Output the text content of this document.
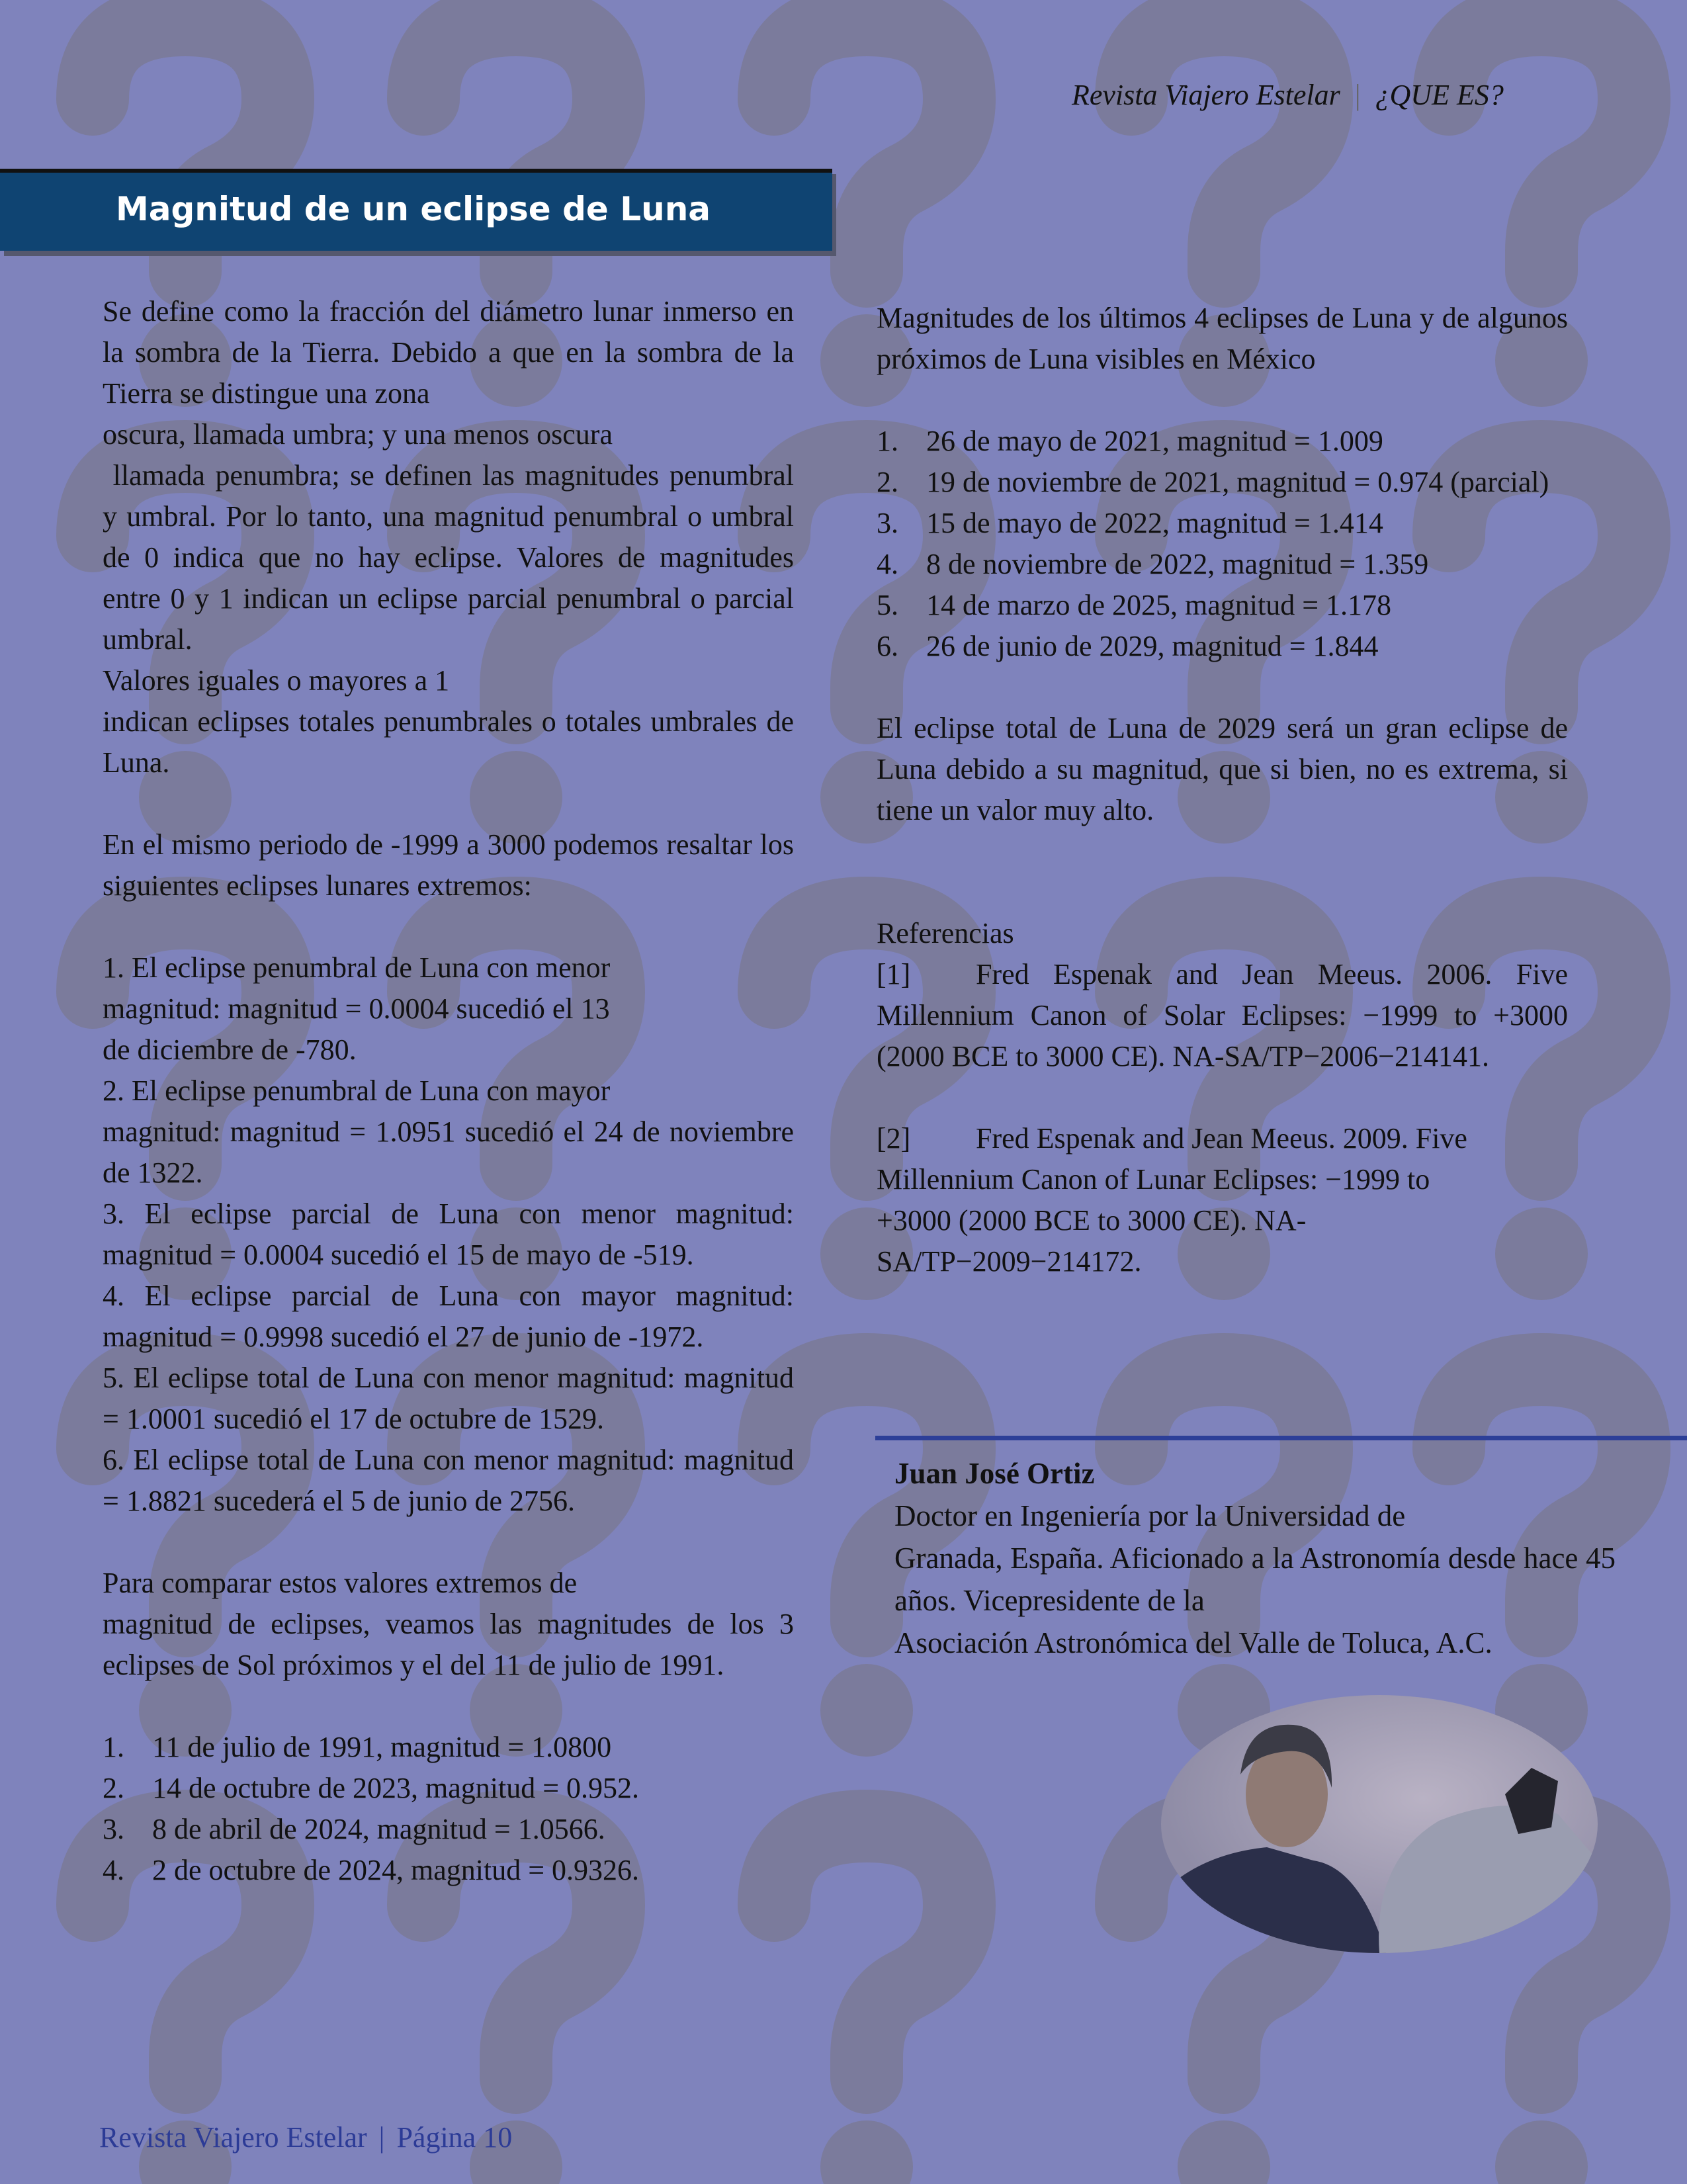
Revista Viajero Estelar | ¿QUE ES?
Magnitud de un eclipse de Luna

Se define como la fracción del diámetro lunar inmerso en la sombra de la Tierra. Debido a que en la sombra de la Tierra se distingue una zona

oscura, llamada umbra; y una menos oscura

llamada penumbra; se definen las magnitudes penumbral y umbral. Por lo tanto, una magnitud penumbral o umbral de 0 indica que no hay eclipse. Valores de magnitudes entre 0 y 1 indican un eclipse parcial penumbral o parcial umbral.

Valores iguales o mayores a 1

indican eclipses totales penumbrales o totales umbrales de Luna.

En el mismo periodo de -1999 a 3000 podemos resaltar los siguientes eclipses lunares extremos:

1. El eclipse penumbral de Luna con menor

magnitud: magnitud = 0.0004 sucedió el 13

de diciembre de -780.

2. El eclipse penumbral de Luna con mayor

magnitud: magnitud = 1.0951 sucedió el 24 de noviembre de 1322.

3. El eclipse parcial de Luna con menor magnitud: magnitud = 0.0004 sucedió el 15 de mayo de -519.

4. El eclipse parcial de Luna con mayor magnitud: magnitud = 0.9998 sucedió el 27 de junio de -1972.

5. El eclipse total de Luna con menor magnitud: magnitud = 1.0001 sucedió el 17 de octubre de 1529.

6. El eclipse total de Luna con menor magnitud: magnitud = 1.8821 sucederá el 5 de junio de 2756.

Para comparar estos valores extremos de

magnitud de eclipses, veamos las magnitudes de los 3 eclipses de Sol próximos y el del 11 de julio de 1991.

1. 11 de julio de 1991, magnitud = 1.0800
2. 14 de octubre de 2023, magnitud = 0.952.
3. 8 de abril de 2024, magnitud = 1.0566.
4. 2 de octubre de 2024, magnitud = 0.9326.

Magnitudes de los últimos 4 eclipses de Luna y de algunos próximos de Luna visibles en México

1. 26 de mayo de 2021, magnitud = 1.009
2. 19 de noviembre de 2021, magnitud = 0.974 (parcial)
3. 15 de mayo de 2022, magnitud = 1.414
4. 8 de noviembre de 2022, magnitud = 1.359
5. 14 de marzo de 2025, magnitud = 1.178
6. 26 de junio de 2029, magnitud = 1.844

El eclipse total de Luna de 2029 será un gran eclipse de Luna debido a su magnitud, que si bien, no es extrema, si tiene un valor muy alto.

Referencias

[1] Fred Espenak and Jean Meeus. 2006. Five Millennium Canon of Solar Eclipses: −1999 to +3000 (2000 BCE to 3000 CE). NA-SA/TP−2006−214141.

[2] Fred Espenak and Jean Meeus. 2009. Five
Millennium Canon of Lunar Eclipses: −1999 to
+3000 (2000 BCE to 3000 CE). NA-
SA/TP−2009−214172.
Juan José Ortiz

Doctor en Ingeniería por la Universidad de

Granada, España. Aficionado a la Astronomía desde hace 45 años. Vicepresidente de la

Asociación Astronómica del Valle de Toluca, A.C.

Revista Viajero Estelar | Página 10
